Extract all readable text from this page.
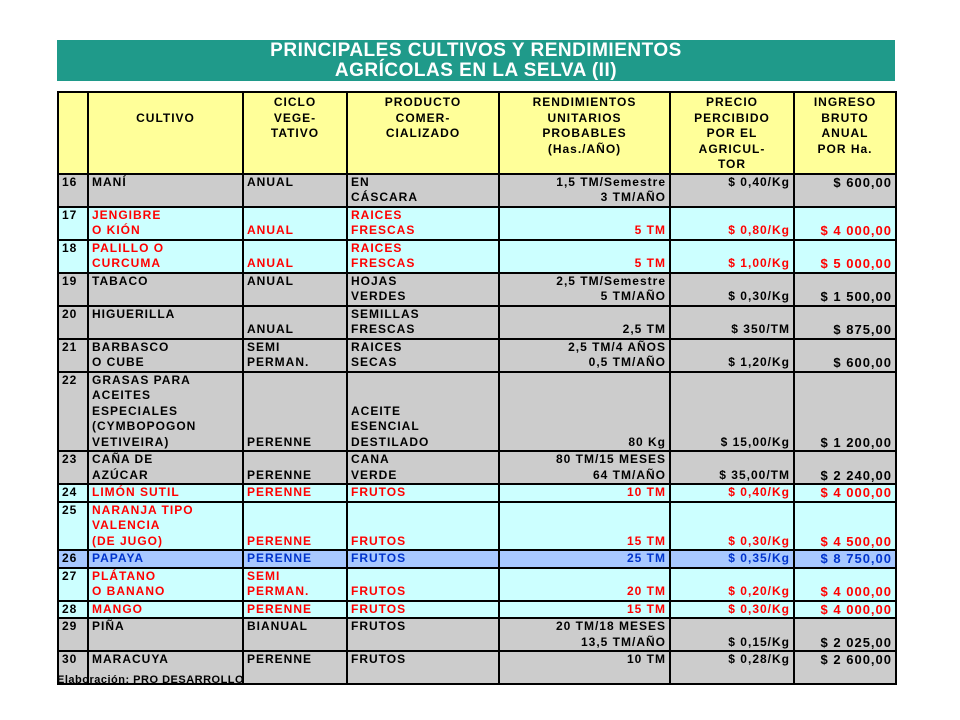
PRINCIPALES CULTIVOS Y RENDIMIENTOS
AGRÍCOLAS EN LA SELVA (II)

	CULTIVO	CICLO
VEGE-
TATIVO	PRODUCTO
COMER-
CIALIZADO	RENDIMIENTOS
UNITARIOS
PROBABLES
(Has./AÑO)	PRECIO
PERCIBIDO
POR EL
AGRICUL-
TOR	INGRESO
BRUTO
ANUAL
POR Ha.

16	MANÍ	ANUAL	EN
CÁSCARA	1,5 TM/Semestre
3 TM/AÑO	$ 0,40/Kg	$ 600,00

17	JENGIBRE
O KIÓN	ANUAL	RAICES
FRESCAS	5 TM	$ 0,80/Kg	$ 4 000,00

18	PALILLO O
CURCUMA	ANUAL	RAICES
FRESCAS	5 TM	$ 1,00/Kg	$ 5 000,00

19	TABACO	ANUAL	HOJAS
VERDES	2,5 TM/Semestre
5 TM/AÑO	$ 0,30/Kg	$ 1 500,00

20	HIGUERILLA	ANUAL	SEMILLAS
FRESCAS	2,5 TM	$ 350/TM	$ 875,00

21	BARBASCO
O CUBE	SEMI
PERMAN.	RAICES
SECAS	2,5 TM/4 AÑOS
0,5 TM/AÑO	$ 1,20/Kg	$ 600,00

22	GRASAS PARA
ACEITES
ESPECIALES
(CYMBOPOGON
VETIVEIRA)	PERENNE	ACEITE
ESENCIAL
DESTILADO	80 Kg	$ 15,00/Kg	$ 1 200,00

23	CAÑA DE
AZÚCAR	PERENNE	CANA
VERDE	80 TM/15 MESES
64 TM/AÑO	$ 35,00/TM	$ 2 240,00

24	LIMÓN SUTIL	PERENNE	FRUTOS	10 TM	$ 0,40/Kg	$ 4 000,00

25	NARANJA TIPO
VALENCIA
(DE JUGO)	PERENNE	FRUTOS	15 TM	$ 0,30/Kg	$ 4 500,00

26	PAPAYA	PERENNE	FRUTOS	25 TM	$ 0,35/Kg	$ 8 750,00

27	PLÁTANO
O BANANO	SEMI
PERMAN.	FRUTOS	20 TM	$ 0,20/Kg	$ 4 000,00

28	MANGO	PERENNE	FRUTOS	15 TM	$ 0,30/Kg	$ 4 000,00

29	PIÑA	BIANUAL	FRUTOS	20 TM/18 MESES
13,5 TM/AÑO	$ 0,15/Kg	$ 2 025,00

30	MARACUYA	PERENNE	FRUTOS	10 TM	$ 0,28/Kg	$ 2 600,00
Elaboración: PRO DESARROLLO
